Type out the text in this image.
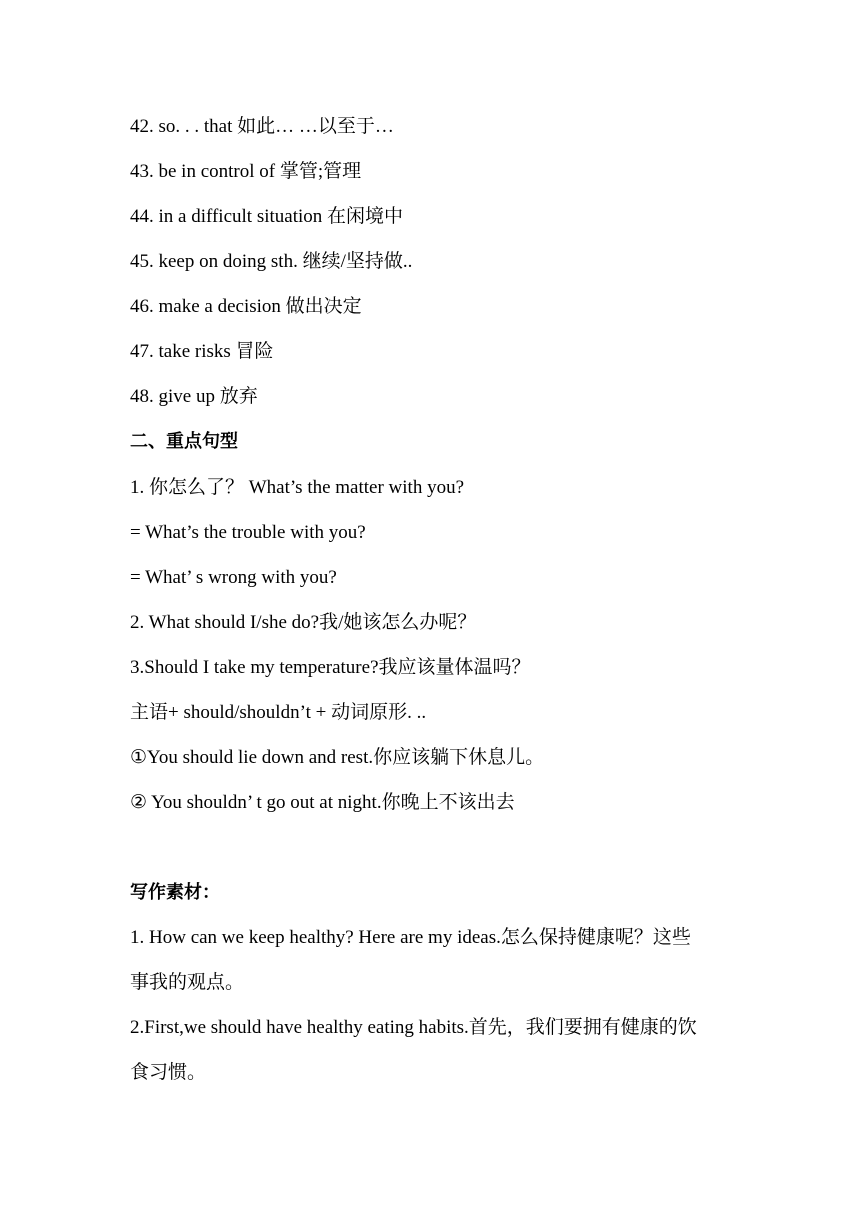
42. so. . . that 如此… …以至于…
43. be in control of 掌管;管理
44. in a difficult situation 在闲境中
45. keep on doing sth. 继续/坚持做..
46. make a decision 做出决定
47. take risks 冒险
48. give up 放弃
二、重点句型
1. 你怎么了？ What’s the matter with you?
= What’s the trouble with you?
= What’ s wrong with you?
2. What should I/she do?我/她该怎么办呢？
3.Should I take my temperature?我应该量体温吗？
主语+ should/shouldn’t + 动词原形. ..
①You should lie down and rest.你应该躺下休息儿。
② You shouldn’ t go out at night.你晚上不该出去
写作素材：
1. How can we keep healthy? Here are my ideas.怎么保持健康呢？这些
事我的观点。
2.First,we should have healthy eating habits.首先，我们要拥有健康的饮
食习惯。
